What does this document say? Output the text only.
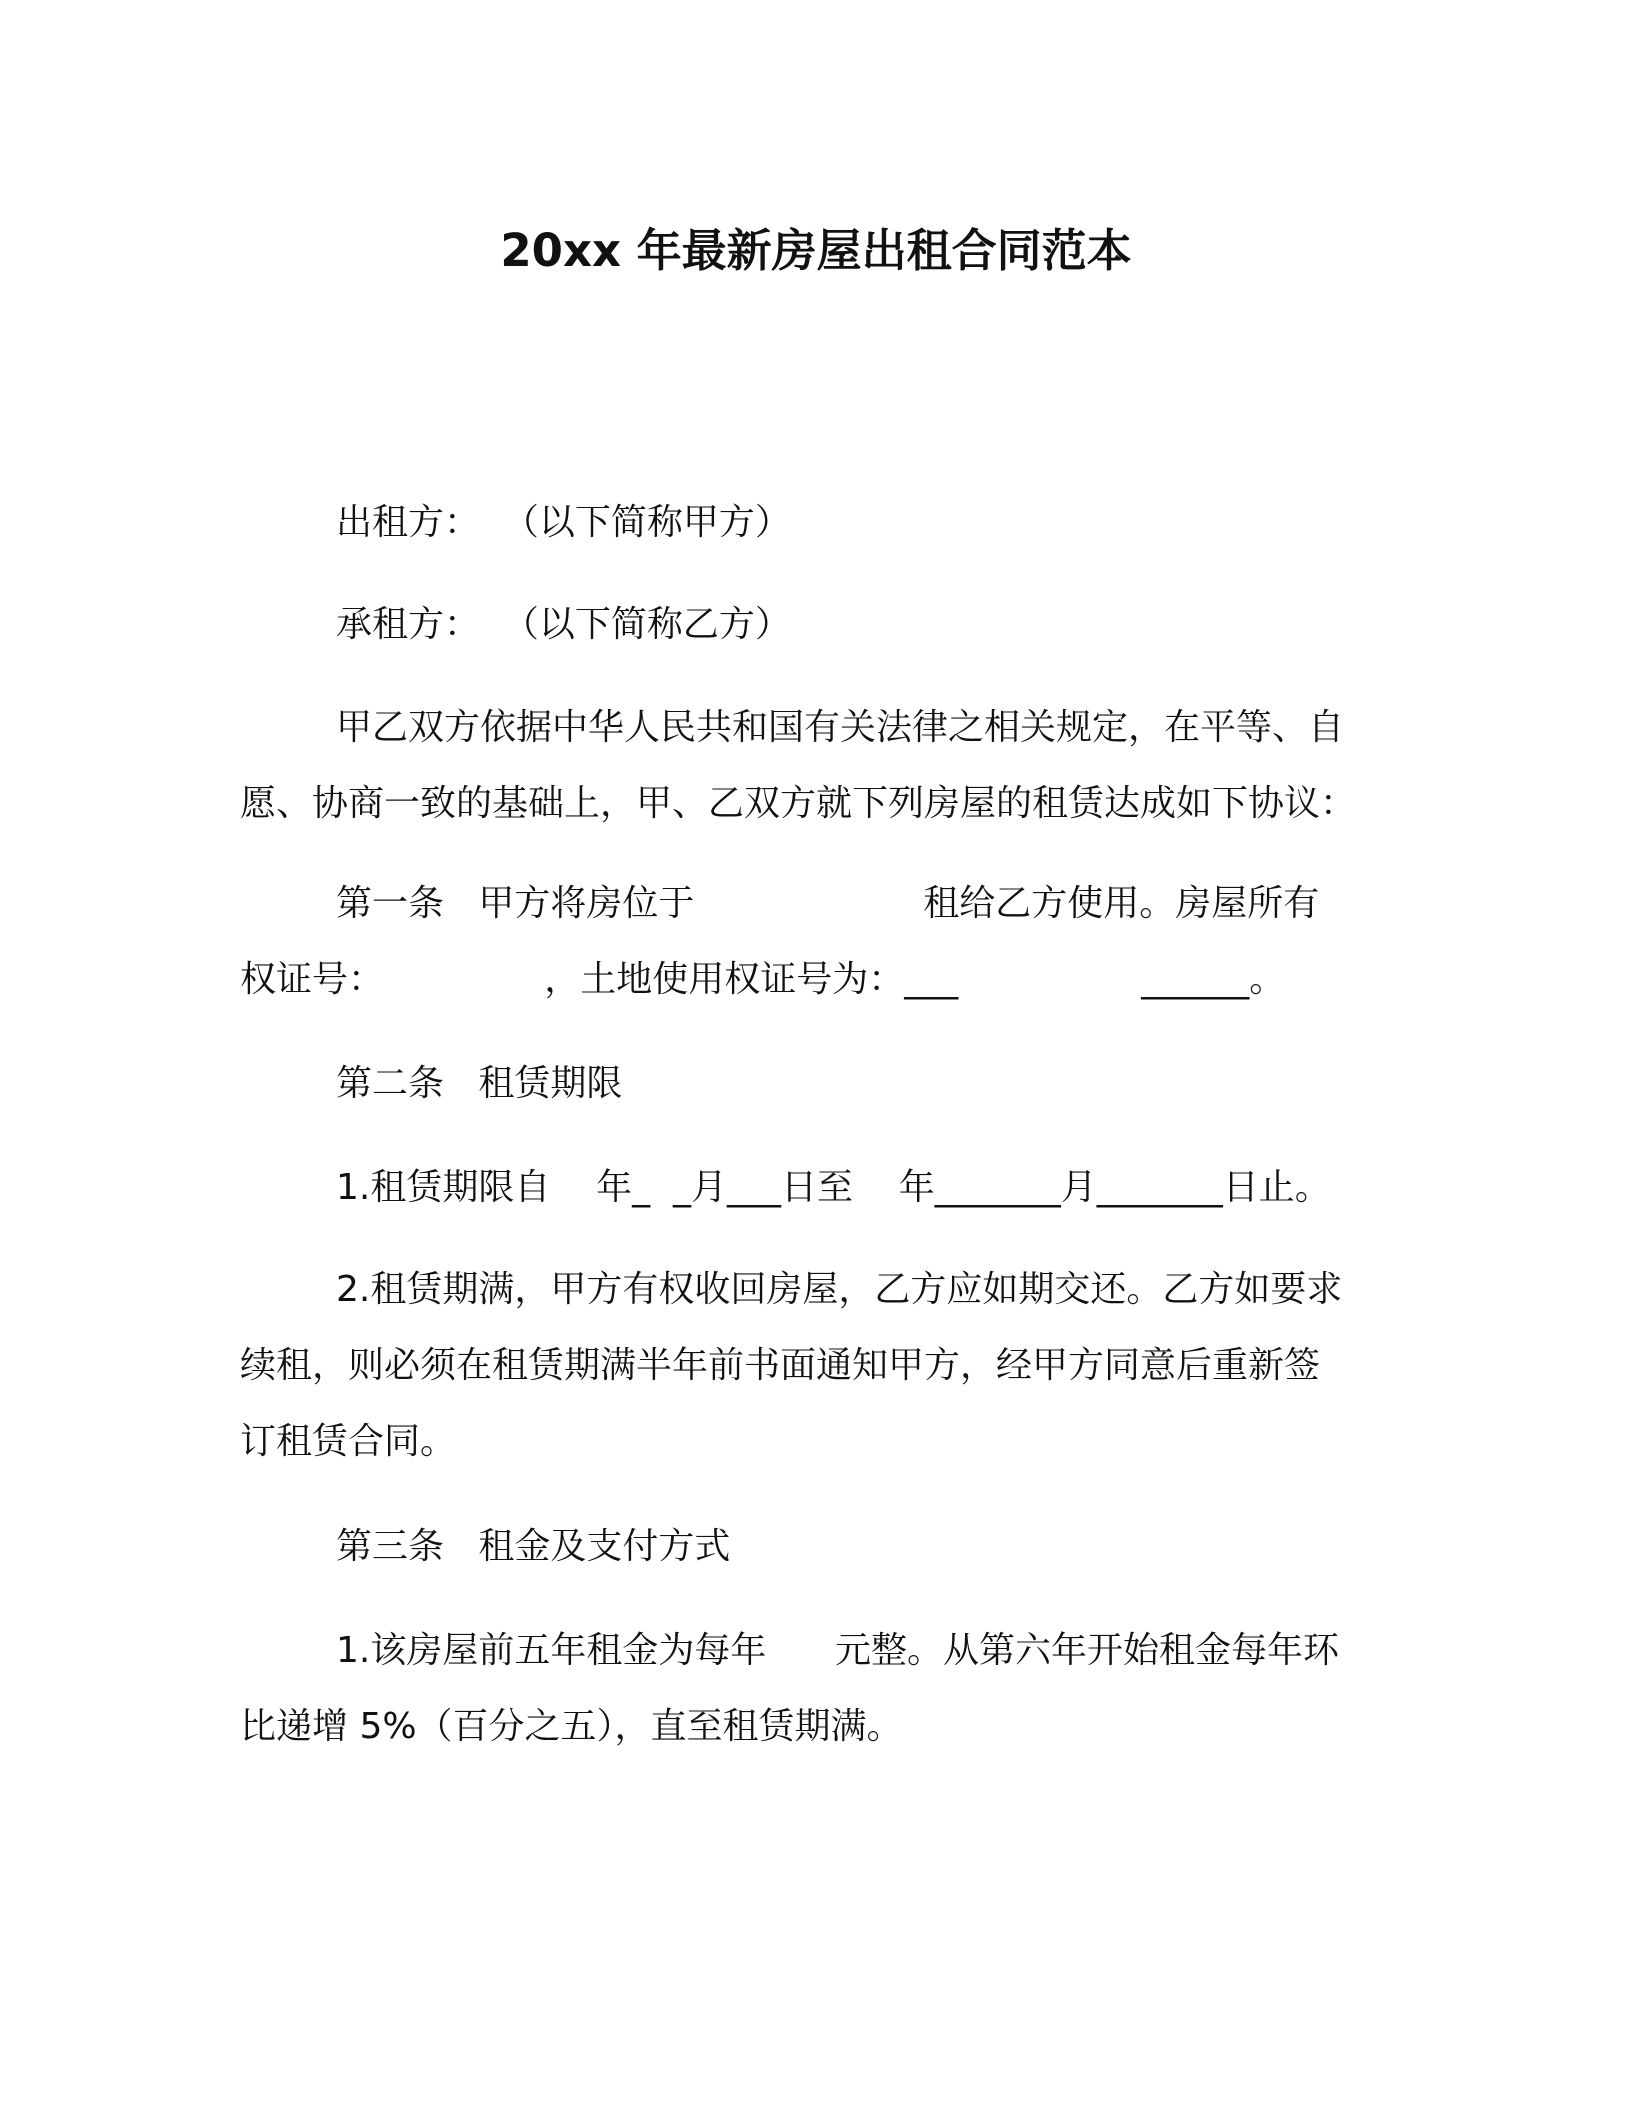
20xx 年最新房屋出租合同范本
出租方：  （以下简称甲方）
承租方：  （以下简称乙方）
甲乙双方依据中华人民共和国有关法律之相关规定，在平等、自
愿、协商一致的基础上，甲、乙双方就下列房屋的租赁达成如下协议：
第一条   甲方将房位于                    租给乙方使用。房屋所有
权证号：              ，土地使用权证号为：___                ______。
第二条   租赁期限
1.租赁期限自    年_  _月___日至    年_______月_______日止。
2.租赁期满，甲方有权收回房屋，乙方应如期交还。乙方如要求
续租，则必须在租赁期满半年前书面通知甲方，经甲方同意后重新签
订租赁合同。
第三条   租金及支付方式
1.该房屋前五年租金为每年      元整。从第六年开始租金每年环
比递增 5%（百分之五），直至租赁期满。
